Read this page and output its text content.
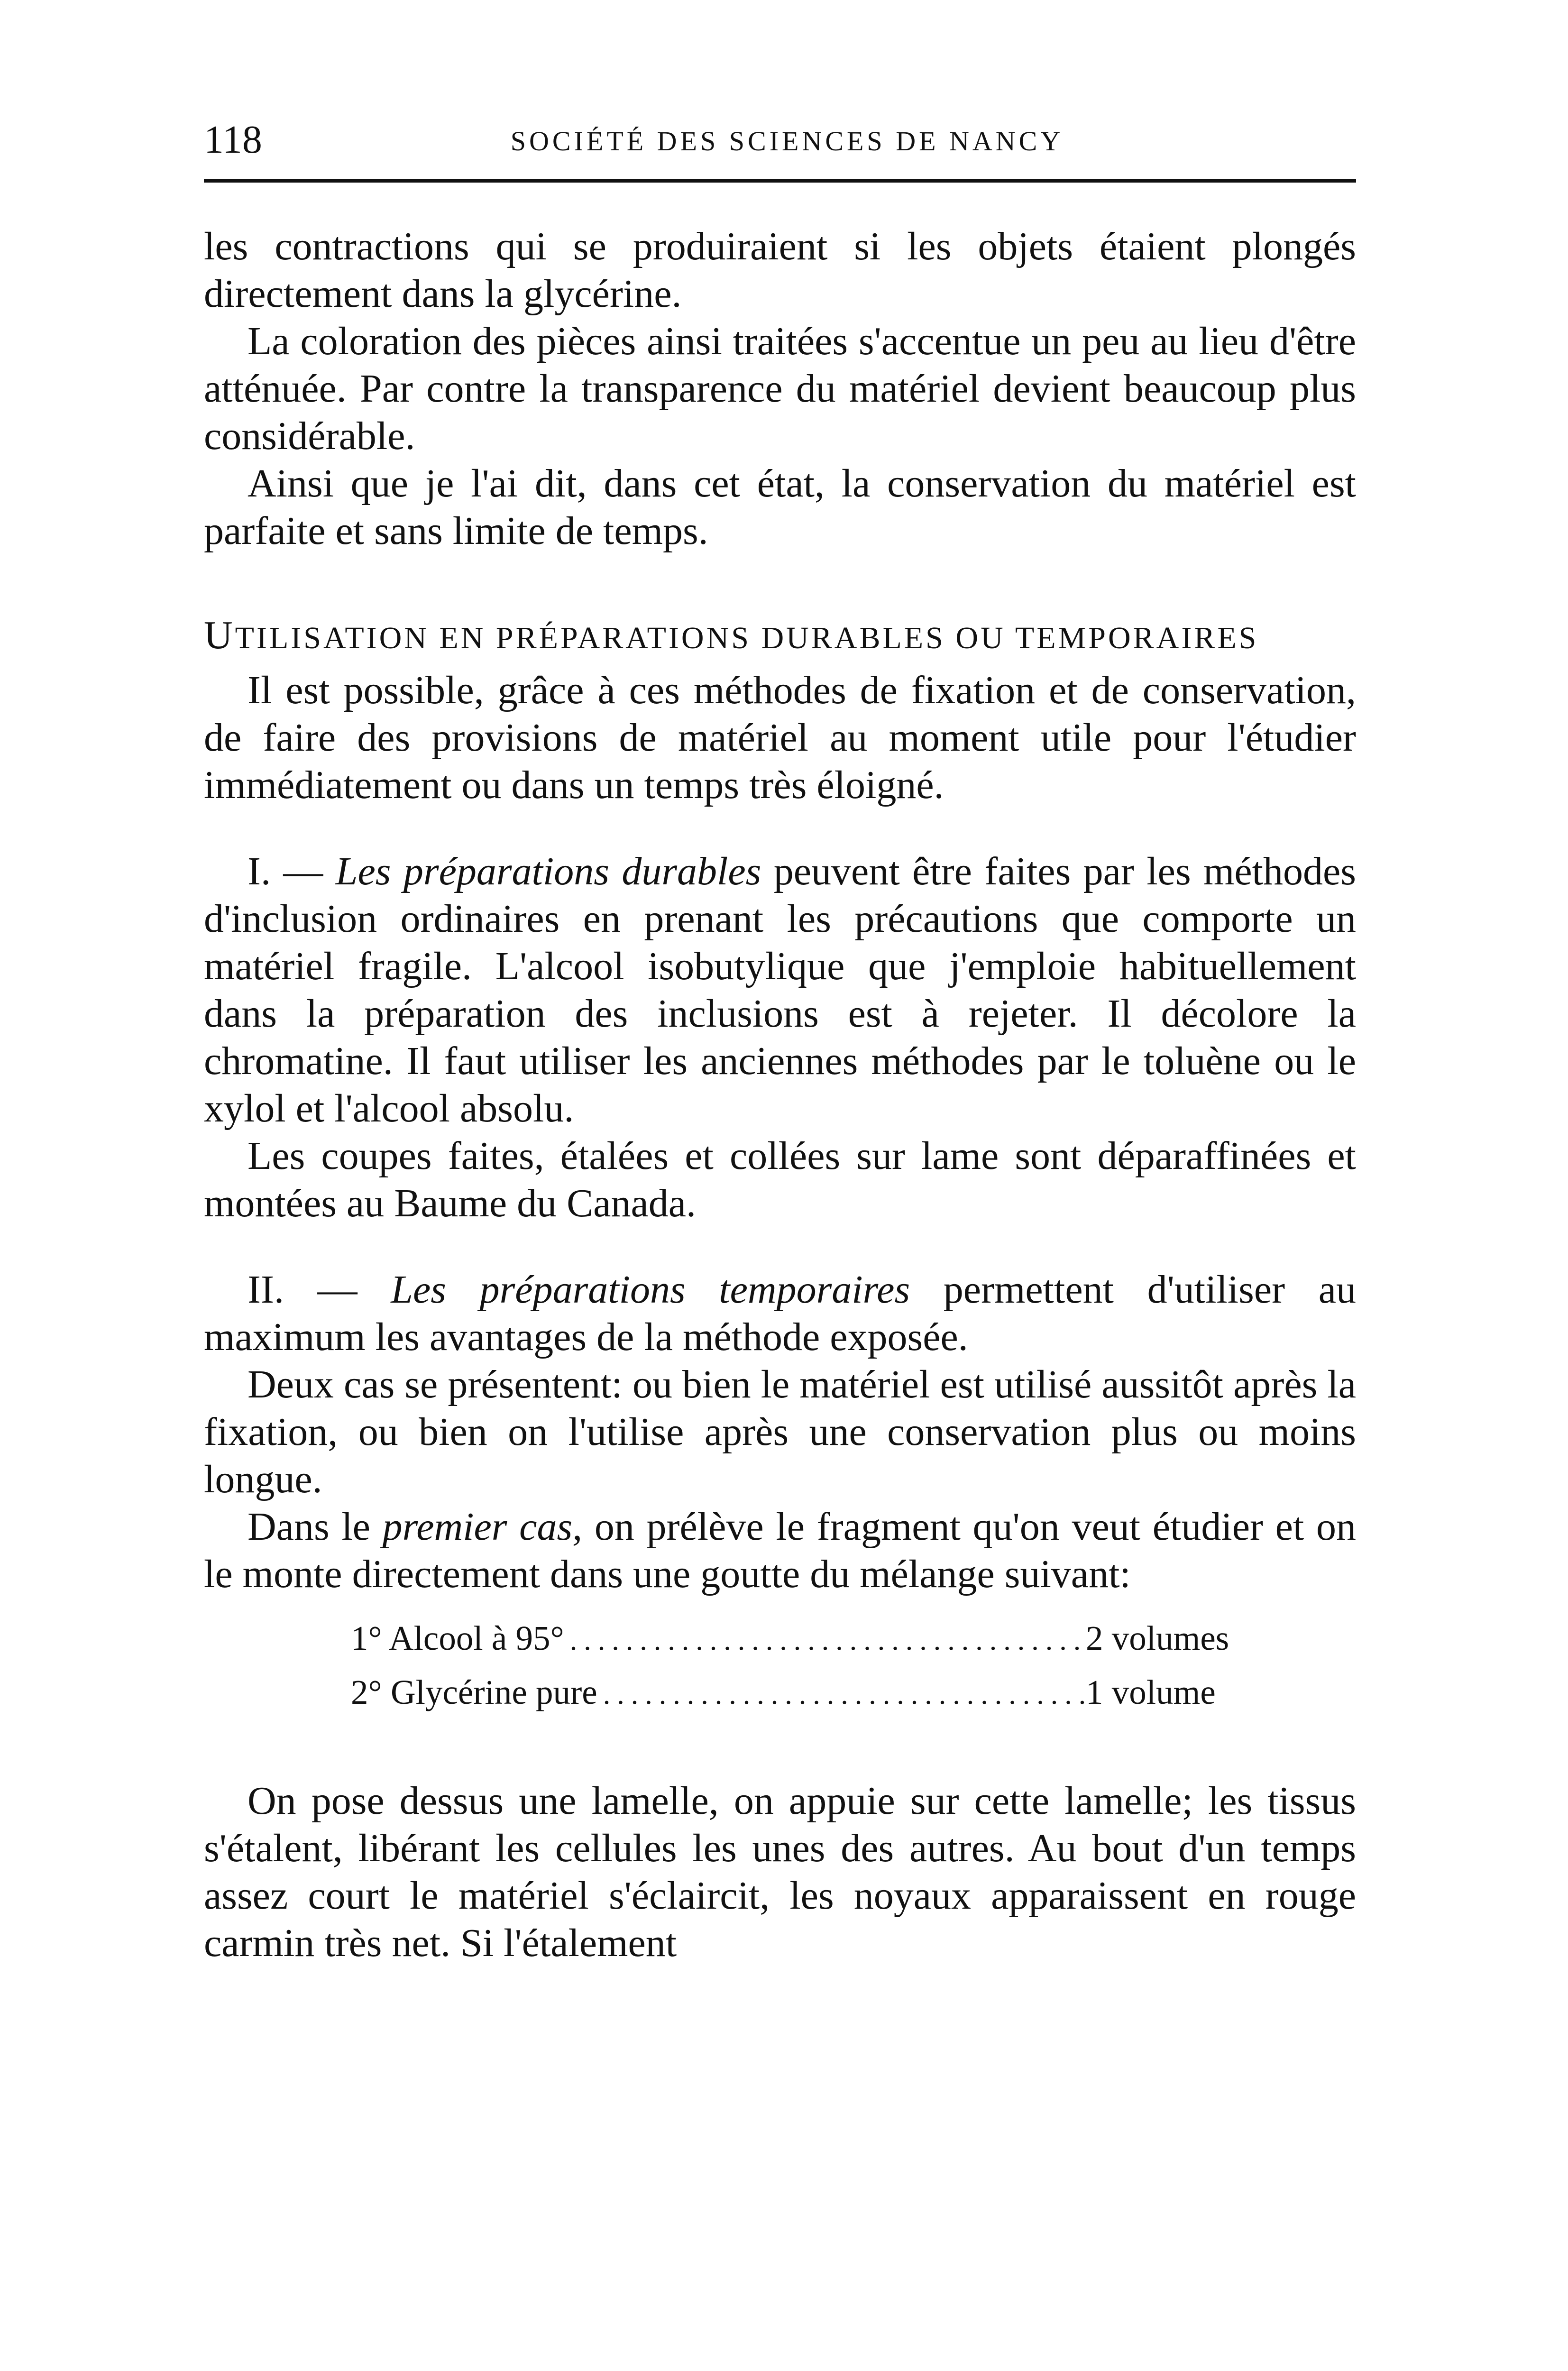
118	SOCIÉTÉ DES SCIENCES DE NANCY

les contractions qui se produiraient si les objets étaient plongés directement dans la glycérine.

La coloration des pièces ainsi traitées s'accentue un peu au lieu d'être atténuée. Par contre la transparence du matériel devient beaucoup plus considérable.

Ainsi que je l'ai dit, dans cet état, la conservation du matériel est parfaite et sans limite de temps.

UTILISATION EN PRÉPARATIONS DURABLES OU TEMPORAIRES

Il est possible, grâce à ces méthodes de fixation et de conservation, de faire des provisions de matériel au moment utile pour l'étudier immédiatement ou dans un temps très éloigné.

I. — Les préparations durables peuvent être faites par les méthodes d'inclusion ordinaires en prenant les précautions que comporte un matériel fragile. L'alcool isobutylique que j'emploie habituellement dans la préparation des inclusions est à rejeter. Il décolore la chromatine. Il faut utiliser les anciennes méthodes par le toluène ou le xylol et l'alcool absolu.

Les coupes faites, étalées et collées sur lame sont déparaffinées et montées au Baume du Canada.

II. — Les préparations temporaires permettent d'utiliser au maximum les avantages de la méthode exposée.

Deux cas se présentent: ou bien le matériel est utilisé aussitôt après la fixation, ou bien on l'utilise après une conservation plus ou moins longue.

Dans le premier cas, on prélève le fragment qu'on veut étudier et on le monte directement dans une goutte du mélange suivant:

1° Alcool à 95° .....	2 volumes
2° Glycérine pure .....	1 volume

On pose dessus une lamelle, on appuie sur cette lamelle; les tissus s'étalent, libérant les cellules les unes des autres. Au bout d'un temps assez court le matériel s'éclaircit, les noyaux apparaissent en rouge carmin très net. Si l'étalement
